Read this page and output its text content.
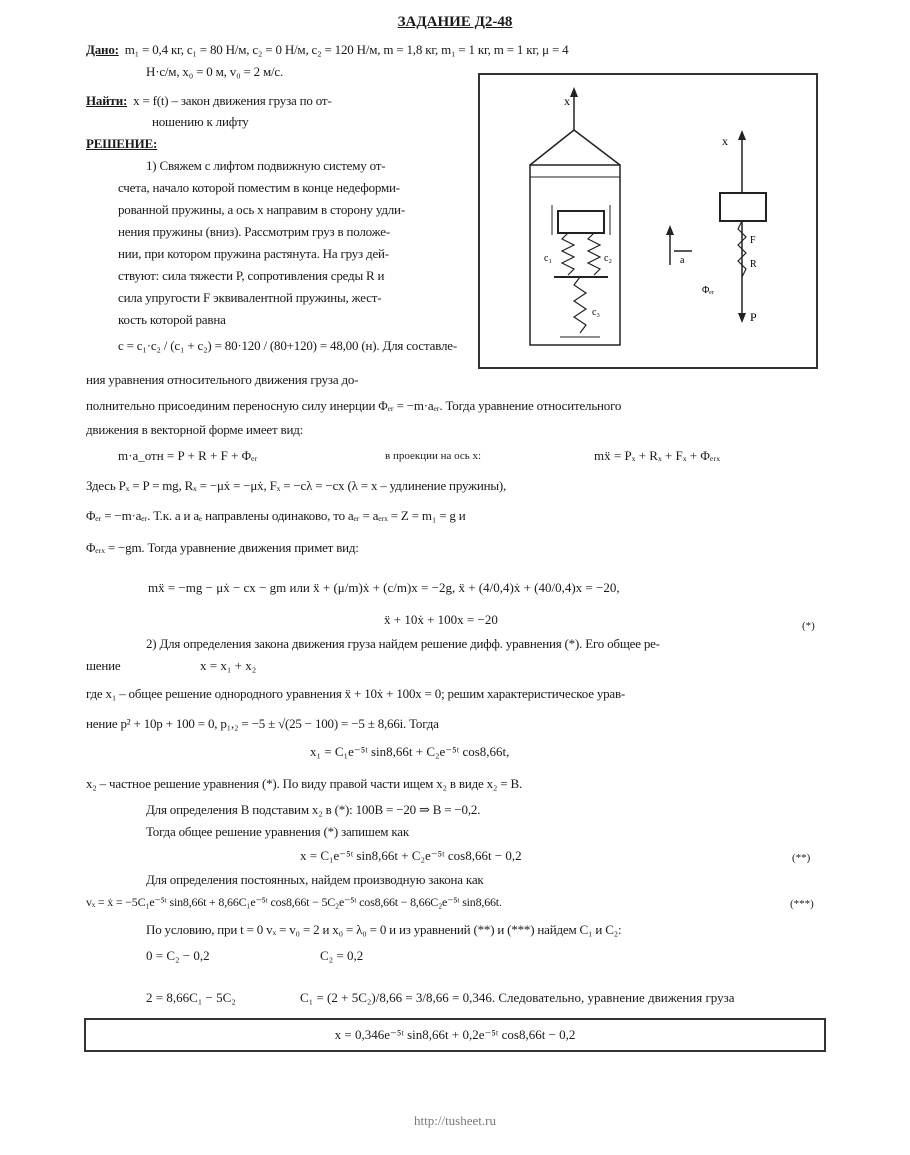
ЗАДАНИЕ Д2-48
Дано: m₁ = 0,4 кг, c₁ = 80 Н/м, c₂ = 0 Н/м, c₂ = 120 Н/м, m = 1,8 кг, m₁ = 1 кг, m = 1 кг, μ = 4
Н·с/м, x₀ = 0 м, v₀ = 2 м/с.
Найти: x = f(t) – закон движения груза по от-
ношению к лифту
РЕШЕНИЕ:
1) Свяжем с лифтом подвижную систему от-
счета, начало которой поместим в конце недеформи-
рованной пружины, а ось x направим в сторону удли-
нения пружины (вниз). Рассмотрим груз в положе-
нии, при котором пружина растянута. На груз дей-
ствуют: сила тяжести P, сопротивления среды R и
сила упругости F эквивалентной пружины, жест-
кость которой равна
c = c₁·c₂ / (c₁ + c₂) = 80·120 / (80+120) = 48,00 (н). Для составле-
ния уравнения относительного движения груза до-
полнительно присоединим переносную силу инерции Φₑᵣ = −m·aₑᵣ. Тогда уравнение относительного
движения в векторной форме имеет вид:
m·a_отн = P + R + F + Φₑᵣ	в проекции на ось x:	mẍ = Pₓ + Rₓ + Fₓ + Φₑᵣₓ
Здесь Pₓ = P = mg, Rₓ = −μẋ = −μẋ, Fₓ = −cλ = −cx (λ = x – удлинение пружины),
Φₑᵣ = −m·aₑᵣ. Т.к. a и aₑ направлены одинаково, то aₑᵣ = aₑᵣₓ = Z = m₁ = g и
Φₑᵣₓ = −gm. Тогда уравнение движения примет вид:
mẍ = −mg − μẋ − cx − gm или ẍ + (μ/m)ẋ + (c/m)x = −2g, ẍ + (4/0,4)ẋ + (40/0,4)x = −20,
ẍ + 10ẋ + 100x = −20	(*)
2) Для определения закона движения груза найдем решение дифф. уравнения (*). Его общее ре-
шение	x = x₁ + x₂
где x₁ – общее решение однородного уравнения ẍ + 10ẋ + 100x = 0; решим характеристическое урав-
нение p² + 10p + 100 = 0, p₁,₂ = −5 ± √(25 − 100) = −5 ± 8,66i. Тогда
x₁ = C₁e⁻⁵ᵗ sin8,66t + C₂e⁻⁵ᵗ cos8,66t,
x₂ – частное решение уравнения (*). По виду правой части ищем x₂ в виде x₂ = B.
Для определения B подставим x₂ в (*): 100B = −20 ⇒ B = −0,2.
Тогда общее решение уравнения (*) запишем как
x = C₁e⁻⁵ᵗ sin8,66t + C₂e⁻⁵ᵗ cos8,66t − 0,2	(**)
Для определения постоянных, найдем производную закона как
vₓ = ẋ = −5C₁e⁻⁵ᵗ sin8,66t + 8,66C₁e⁻⁵ᵗ cos8,66t − 5C₂e⁻⁵ᵗ cos8,66t − 8,66C₂e⁻⁵ᵗ sin8,66t.	(***)
По условию, при t = 0 vₓ = v₀ = 2 и x₀ = λ₀ = 0 и из уравнений (**) и (***) найдем C₁ и C₂:
0 = C₂ − 0,2	C₂ = 0,2
2 = 8,66C₁ − 5C₂	C₁ = (2 + 5C₂)/8,66 = 3/8,66 = 0,346. Следовательно, уравнение движения груза
x = 0,346e⁻⁵ᵗ sin8,66t + 0,2e⁻⁵ᵗ cos8,66t − 0,2
http://tusheet.ru
x
c₁	c₂
c₃
a
x
F
R
Φₑᵣ
P
